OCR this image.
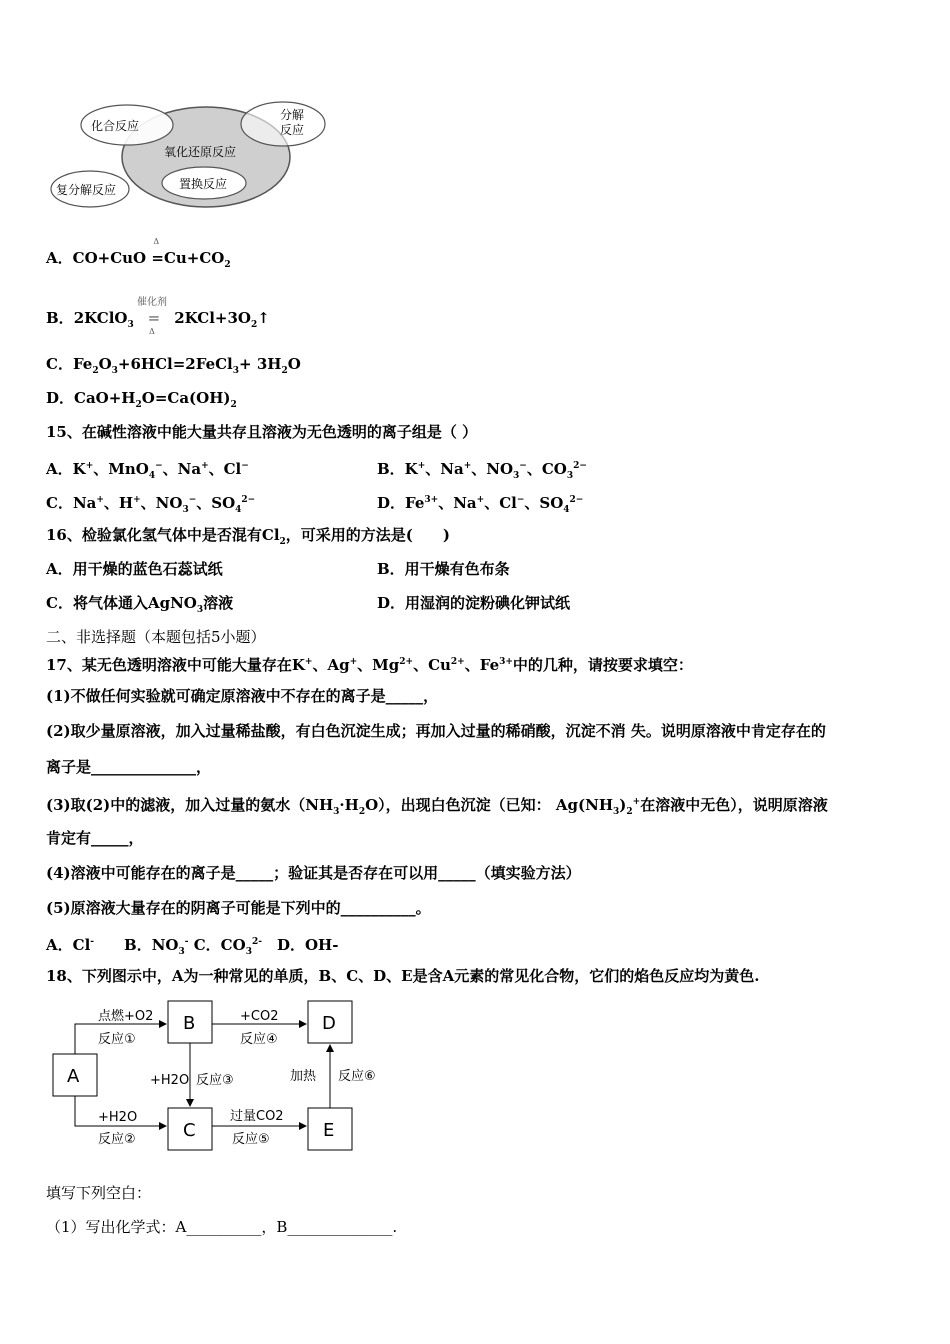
化合反应
分解
反应
氧化还原反应
置换反应
复分解反应
A．CO+CuO
Δ
$=Cu+CO_2$
B．2KClO$_3$
催化剂
=
Δ
$2KCl+3O_2↑$
C．$Fe_2O_3+6HCl=2FeCl_3+ 3H_2O$
D．$CaO+H_2O=Ca(OH)_2$
15、在碱性溶液中能大量共存且溶液为无色透明的离子组是（ ）
A．K+、MnO$_4$−、Na+、Cl−	B．K+、Na+、$NO_3^-$、$CO_3^{2-}$
C．Na+、H+、$NO_3^-$、$SO_4^{2-}$	D．$Fe^{3+}$、Na+、Cl−、$SO_4^{2-}$
16、检验氯化氢气体中是否混有$Cl_2$，可采用的方法是(　　)
A．用干燥的蓝色石蕊试纸	B．用干燥有色布条
C．将气体通入AgNO$_3$溶液	D．用湿润的淀粉碘化钾试纸
二、非选择题（本题包括5小题）
17、某无色透明溶液中可能大量存在K+、Ag+、$Mg^{2+}$、$Cu^{2+}$、$Fe^{3+}$中的几种，请按要求填空：
(1)不做任何实验就可确定原溶液中不存在的离子是_____，
(2)取少量原溶液，加入过量稀盐酸，有白色沉淀生成；再加入过量的稀硝酸，沉淀不消 失。说明原溶液中肯定存在的
离子是______________，
(3)取(2)中的滤液，加入过量的氨水$(NH_3\cdot H_2O)$，出现白色沉淀（已知： $Ag(NH_3)_2^+$在溶液中无色），说明原溶液
肯定有_____，
(4)溶液中可能存在的离子是_____；验证其是否存在可以用_____（填实验方法）
(5)原溶液大量存在的阴离子可能是下列中的__________。
A．Cl-　　B．$NO_3^-$ C．$CO_3^{2-}$　D．OH-
18、下列图示中，A为一种常见的单质，B、C、D、E是含A元素的常见化合物，它们的焰色反应均为黄色.
A
B
C
D
E
点燃+O2
反应①
+H2O
反应②
+H2O 反应③
+CO2
反应④
过量CO2
反应⑤
加热 反应⑥
填写下列空白：
（1）写出化学式：A__________，B______________.
